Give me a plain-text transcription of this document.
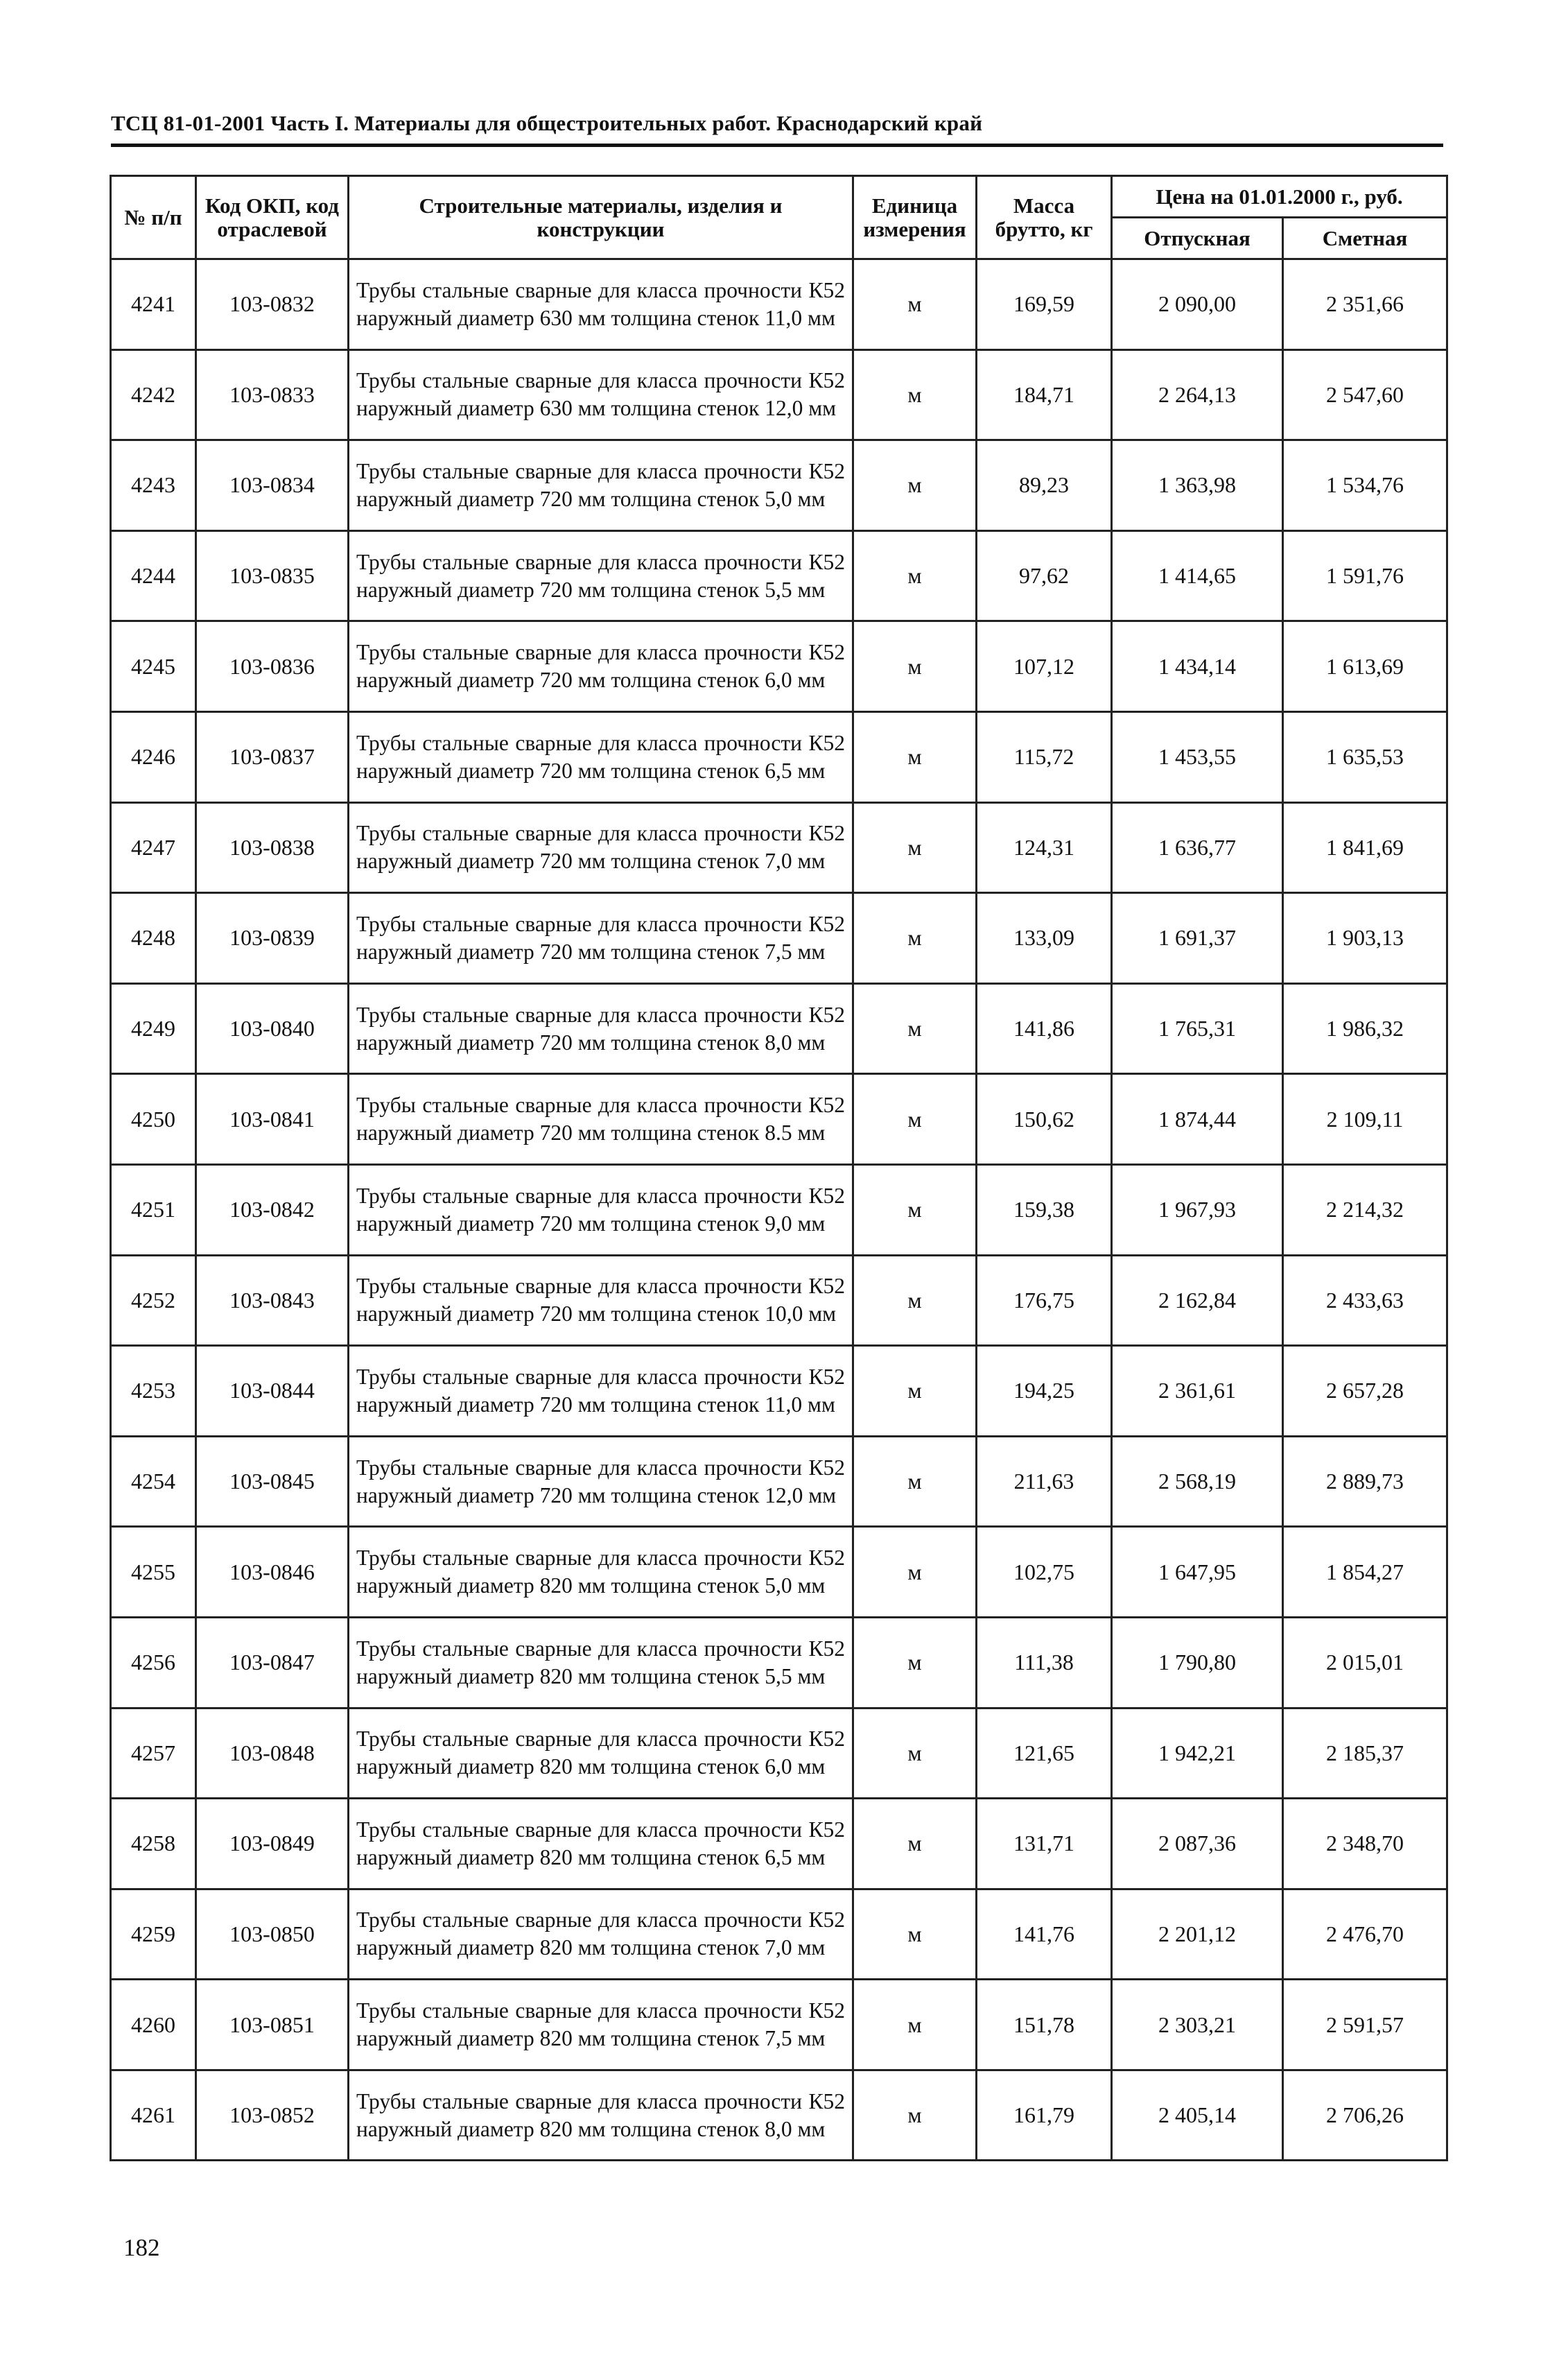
ТСЦ 81-01-2001 Часть I. Материалы для общестроительных работ. Краснодарский край
№ п/п	Код ОКП, код отраслевой	Строительные материалы, изделия и конструкции	Единица измерения	Масса брутто, кг	Цена на 01.01.2000 г., руб.	
					Отпускная	Сметная
4241	103-0832	Трубы стальные сварные для класса прочности К52 наружный диаметр 630 мм толщина стенок 11,0 мм	м	169,59	2 090,00	2 351,66
4242	103-0833	Трубы стальные сварные для класса прочности К52 наружный диаметр 630 мм толщина стенок 12,0 мм	м	184,71	2 264,13	2 547,60
4243	103-0834	Трубы стальные сварные для класса прочности К52 наружный диаметр 720 мм толщина стенок 5,0 мм	м	89,23	1 363,98	1 534,76
4244	103-0835	Трубы стальные сварные для класса прочности К52 наружный диаметр 720 мм толщина стенок 5,5 мм	м	97,62	1 414,65	1 591,76
4245	103-0836	Трубы стальные сварные для класса прочности К52 наружный диаметр 720 мм толщина стенок 6,0 мм	м	107,12	1 434,14	1 613,69
4246	103-0837	Трубы стальные сварные для класса прочности К52 наружный диаметр 720 мм толщина стенок 6,5 мм	м	115,72	1 453,55	1 635,53
4247	103-0838	Трубы стальные сварные для класса прочности К52 наружный диаметр 720 мм толщина стенок 7,0 мм	м	124,31	1 636,77	1 841,69
4248	103-0839	Трубы стальные сварные для класса прочности К52 наружный диаметр 720 мм толщина стенок 7,5 мм	м	133,09	1 691,37	1 903,13
4249	103-0840	Трубы стальные сварные для класса прочности К52 наружный диаметр 720 мм толщина стенок 8,0 мм	м	141,86	1 765,31	1 986,32
4250	103-0841	Трубы стальные сварные для класса прочности К52 наружный диаметр 720 мм толщина стенок 8.5 мм	м	150,62	1 874,44	2 109,11
4251	103-0842	Трубы стальные сварные для класса прочности К52 наружный диаметр 720 мм толщина стенок 9,0 мм	м	159,38	1 967,93	2 214,32
4252	103-0843	Трубы стальные сварные для класса прочности К52 наружный диаметр 720 мм толщина стенок 10,0 мм	м	176,75	2 162,84	2 433,63
4253	103-0844	Трубы стальные сварные для класса прочности К52 наружный диаметр 720 мм толщина стенок 11,0 мм	м	194,25	2 361,61	2 657,28
4254	103-0845	Трубы стальные сварные для класса прочности К52 наружный диаметр 720 мм толщина стенок 12,0 мм	м	211,63	2 568,19	2 889,73
4255	103-0846	Трубы стальные сварные для класса прочности К52 наружный диаметр 820 мм толщина стенок 5,0 мм	м	102,75	1 647,95	1 854,27
4256	103-0847	Трубы стальные сварные для класса прочности К52 наружный диаметр 820 мм толщина стенок 5,5 мм	м	111,38	1 790,80	2 015,01
4257	103-0848	Трубы стальные сварные для класса прочности К52 наружный диаметр 820 мм толщина стенок 6,0 мм	м	121,65	1 942,21	2 185,37
4258	103-0849	Трубы стальные сварные для класса прочности К52 наружный диаметр 820 мм толщина стенок 6,5 мм	м	131,71	2 087,36	2 348,70
4259	103-0850	Трубы стальные сварные для класса прочности К52 наружный диаметр 820 мм толщина стенок 7,0 мм	м	141,76	2 201,12	2 476,70
4260	103-0851	Трубы стальные сварные для класса прочности К52 наружный диаметр 820 мм толщина стенок 7,5 мм	м	151,78	2 303,21	2 591,57
4261	103-0852	Трубы стальные сварные для класса прочности К52 наружный диаметр 820 мм толщина стенок 8,0 мм	м	161,79	2 405,14	2 706,26
182
